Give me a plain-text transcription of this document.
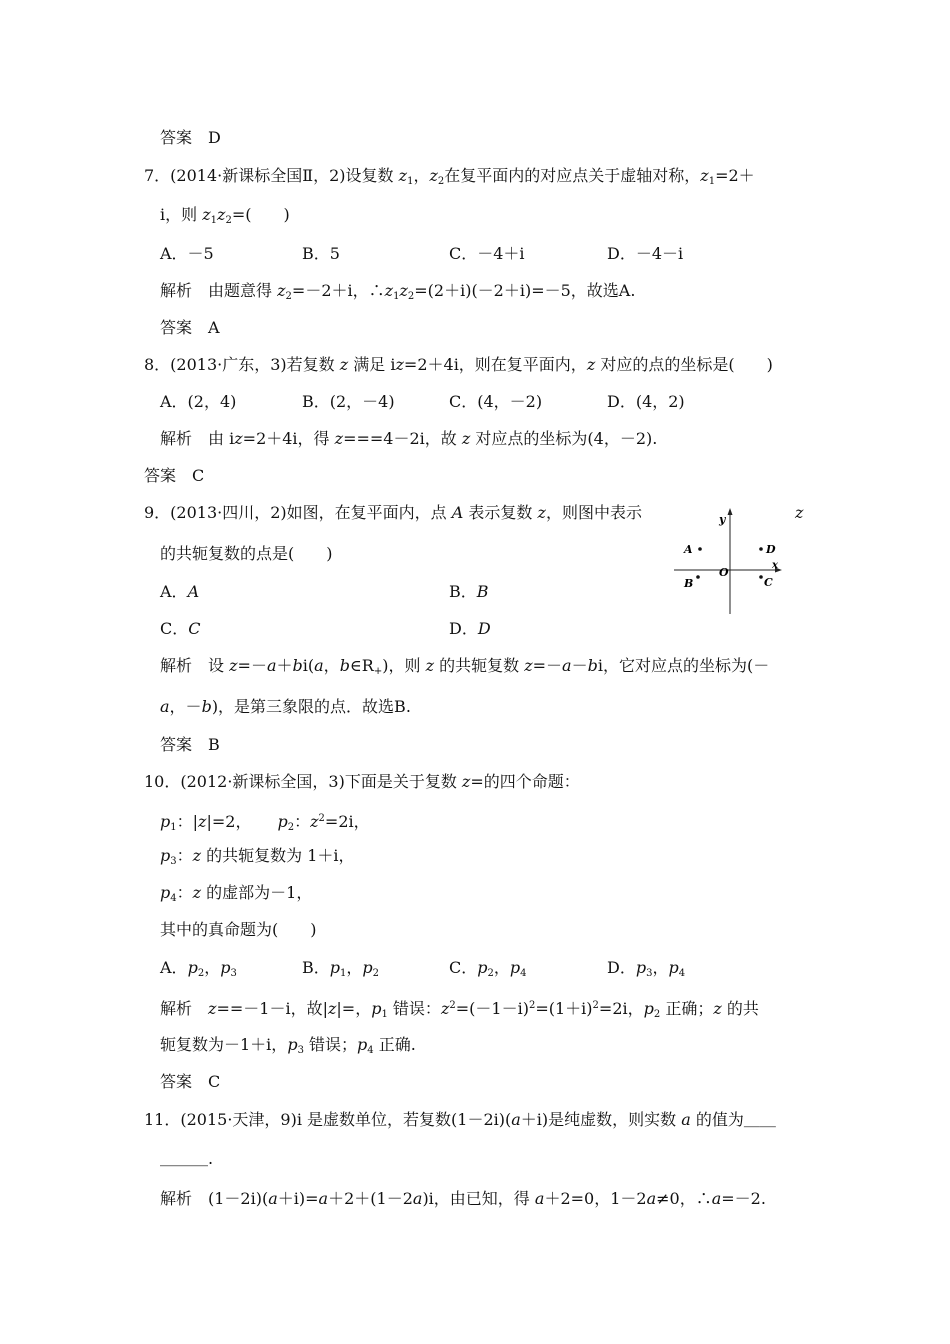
答案　D
7．(2014·新课标全国Ⅱ，2)设复数 $z_1$，$z_2$在复平面内的对应点关于虚轴对称，$z_1=2+$
i，则 $z_1z_2=$(　　)
A．－5	B．5	C．－4＋i	D．－4－i
解析　由题意得 $z_2=-2+i$，$\therefore z_1z_2=(2+i)(-2+i)=-5$，故选A.
答案　A
8．(2013·广东，3)若复数 z 满足 iz=2＋4i，则在复平面内，z 对应的点的坐标是(　　)
A．(2，4)	B．(2，－4)	C．(4，－2)	D．(4，2)
解析　由 iz=2＋4i，得 z===4－2i，故 z 对应点的坐标为(4，－2).
答案　C
9．(2013·四川，2)如图，在复平面内，点 A 表示复数 z，则图中表示	z
的共轭复数的点是(　　)
A．A	B．B
C．C	D．D
y
x
O
A	D
B	C
解析　设 z=－a＋bi(a，$b\in R_+$)，则 z 的共轭复数 z=－a－bi，它对应点的坐标为(－
a，－b)，是第三象限的点．故选B.
答案　B
10．(2012·新课标全国，3)下面是关于复数 z=的四个命题：
$p_1$：|z|=2， $p_2$：$z^2=2i$，
$p_3$：z 的共轭复数为 1＋i，
$p_4$：z 的虚部为－1，
其中的真命题为(　　)
A．$p_2$，$p_3$	B．$p_1$，$p_2$	C．$p_2$，$p_4$	D．$p_3$，$p_4$
解析　z==－1－i，故|z|=，$p_1$ 错误：$z^2=(-1-i)^2=(1+i)^2=2i$，$p_2$ 正确；z 的共
轭复数为－1＋i，$p_3$ 错误；$p_4$ 正确.
答案　C
11．(2015·天津，9)i 是虚数单位，若复数(1－2i)(a＋i)是纯虚数，则实数 a 的值为＿＿
＿＿＿.
解析　(1－2i)(a＋i)=a＋2＋(1－2a)i，由已知，得 a＋2=0，1－2a≠0，∴a=－2.
